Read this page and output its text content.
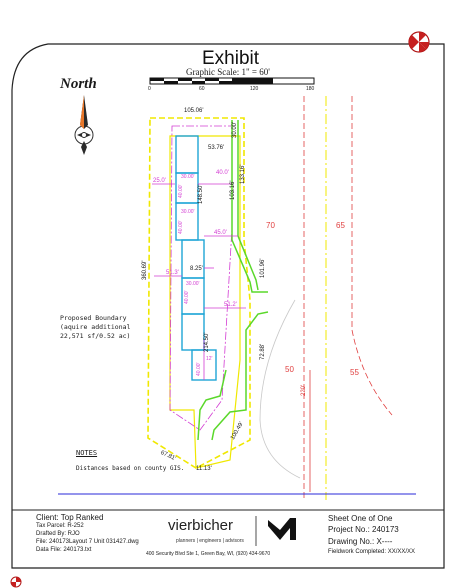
Exhibit
Graphic Scale: 1" = 60'
0	60	120	180
North
105.06'
30.00'
53.76'
148.50'	103.16'
133.16'
101.96'
360.69'	8.25'
72.88'
214.50'
100.49'
67.81'
11.13'
25.0'
40.0'
45.0'
51.3'
51.2'
30.00'
30.00'
30.00'
40.00'
40.00'
40.00'
40.00'
12'
70	65
50	55
220'
Proposed Boundary
(aquire additional
22,571 sf/0.52 ac)
NOTES
Distances based on county GIS.
Client: Top Ranked
Tax Parcel: R-252
Drafted By: RJO
File: 240173Layout 7 Unit 031427.dwg
Data File: 240173.txt
vierbicher
planners | engineers | advisors
400 Security Blvd Ste 1, Green Bay, WI, (920) 434-9670
Sheet One of One
Project No.: 240173
Drawing No.: X----
Fieldwork Completed: XX/XX/XX
